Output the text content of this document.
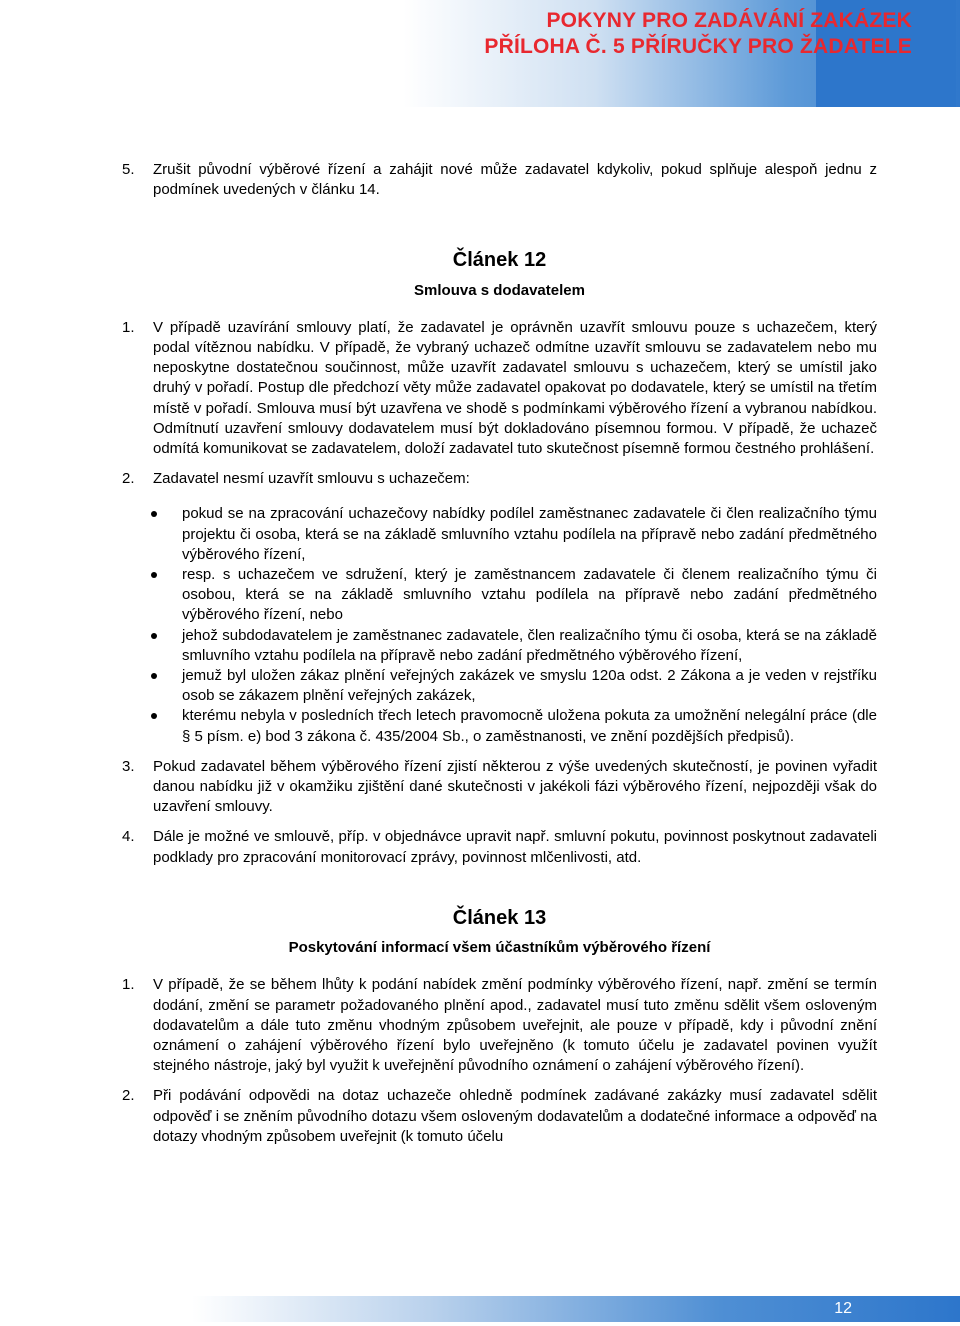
POKYNY PRO ZADÁVÁNÍ ZAKÁZEK
PŘÍLOHA Č. 5 PŘÍRUČKY PRO ŽADATELE
5. Zrušit původní výběrové řízení a zahájit nové může zadavatel kdykoliv, pokud splňuje alespoň jednu z podmínek uvedených v článku 14.
Článek 12
Smlouva s dodavatelem
1. V případě uzavírání smlouvy platí, že zadavatel je oprávněn uzavřít smlouvu pouze s uchazečem, který podal vítěznou nabídku. V případě, že vybraný uchazeč odmítne uzavřít smlouvu se zadavatelem nebo mu neposkytne dostatečnou součinnost, může uzavřít zadavatel smlouvu s uchazečem, který se umístil jako druhý v pořadí. Postup dle předchozí věty může zadavatel opakovat po dodavatele, který se umístil na třetím místě v pořadí. Smlouva musí být uzavřena ve shodě s podmínkami výběrového řízení a vybranou nabídkou. Odmítnutí uzavření smlouvy dodavatelem musí být dokladováno písemnou formou. V případě, že uchazeč odmítá komunikovat se zadavatelem, doloží zadavatel tuto skutečnost písemně formou čestného prohlášení.
2. Zadavatel nesmí uzavřít smlouvu s uchazečem:
pokud se na zpracování uchazečovy nabídky podílel zaměstnanec zadavatele či člen realizačního týmu projektu či osoba, která se na základě smluvního vztahu podílela na přípravě nebo zadání předmětného výběrového řízení,
resp. s uchazečem ve sdružení, který je zaměstnancem zadavatele či členem realizačního týmu či osobou, která se na základě smluvního vztahu podílela na přípravě nebo zadání předmětného výběrového řízení, nebo
jehož subdodavatelem je zaměstnanec zadavatele, člen realizačního týmu či osoba, která se na základě smluvního vztahu podílela na přípravě nebo zadání předmětného výběrového řízení,
jemuž byl uložen zákaz plnění veřejných zakázek ve smyslu 120a odst. 2 Zákona a je veden v rejstříku osob se zákazem plnění veřejných zakázek,
kterému nebyla v posledních třech letech pravomocně uložena pokuta za umožnění nelegální práce (dle § 5 písm. e) bod 3 zákona č. 435/2004 Sb., o zaměstnanosti, ve znění pozdějších předpisů).
3. Pokud zadavatel během výběrového řízení zjistí některou z výše uvedených skutečností, je povinen vyřadit danou nabídku již v okamžiku zjištění dané skutečnosti v jakékoli fázi výběrového řízení, nejpozději však do uzavření smlouvy.
4. Dále je možné ve smlouvě, příp. v objednávce upravit např. smluvní pokutu, povinnost poskytnout zadavateli podklady pro zpracování monitorovací zprávy, povinnost mlčenlivosti, atd.
Článek 13
Poskytování informací všem účastníkům výběrového řízení
1. V případě, že se během lhůty k podání nabídek změní podmínky výběrového řízení, např. změní se termín dodání, změní se parametr požadovaného plnění apod., zadavatel musí tuto změnu sdělit všem osloveným dodavatelům a dále tuto změnu vhodným způsobem uveřejnit, ale pouze v případě, kdy i původní znění oznámení o zahájení výběrového řízení bylo uveřejněno (k tomuto účelu je zadavatel povinen využít stejného nástroje, jaký byl využit k uveřejnění původního oznámení o zahájení výběrového řízení).
2. Při podávání odpovědi na dotaz uchazeče ohledně podmínek zadávané zakázky musí zadavatel sdělit odpověď i se zněním původního dotazu všem osloveným dodavatelům a dodatečné informace a odpověď na dotazy vhodným způsobem uveřejnit (k tomuto účelu
12
